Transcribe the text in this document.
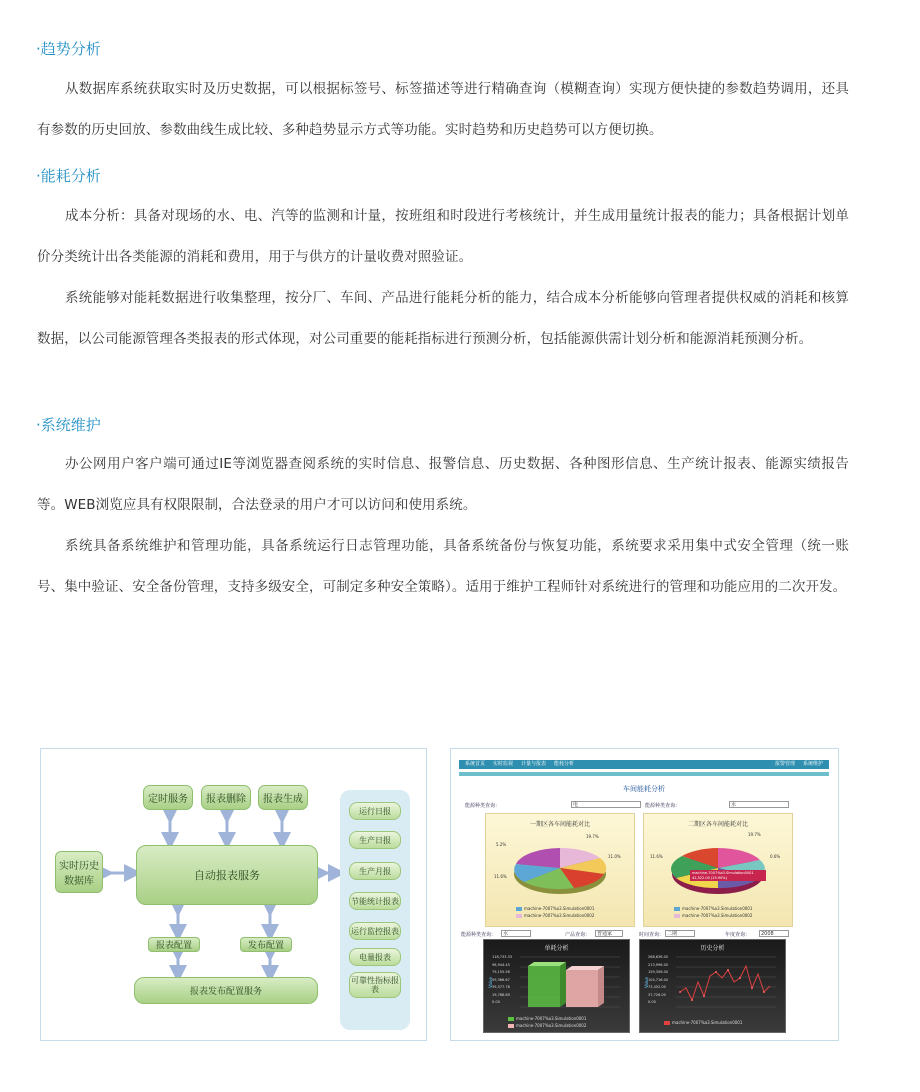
·趋势分析

从数据库系统获取实时及历史数据，可以根据标签号、标签描述等进行精确查询（模糊查询）实现方便快捷的参数趋势调用，还具有参数的历史回放、参数曲线生成比较、多种趋势显示方式等功能。实时趋势和历史趋势可以方便切换。

·能耗分析

成本分析：具备对现场的水、电、汽等的监测和计量，按班组和时段进行考核统计，并生成用量统计报表的能力；具备根据计划单价分类统计出各类能源的消耗和费用，用于与供方的计量收费对照验证。

系统能够对能耗数据进行收集整理，按分厂、车间、产品进行能耗分析的能力，结合成本分析能够向管理者提供权威的消耗和核算数据，以公司能源管理各类报表的形式体现，对公司重要的能耗指标进行预测分析，包括能源供需计划分析和能源消耗预测分析。

·系统维护

办公网用户客户端可通过IE等浏览器查阅系统的实时信息、报警信息、历史数据、各种图形信息、生产统计报表、能源实绩报告等。WEB浏览应具有权限限制，合法登录的用户才可以访问和使用系统。

系统具备系统维护和管理功能，具备系统运行日志管理功能，具备系统备份与恢复功能，系统要求采用集中式安全管理（统一账号、集中验证、安全备份管理，支持多级安全，可制定多种安全策略）。适用于维护工程师针对系统进行的管理和功能应用的二次开发。

定时服务	报表删除	报表生成
实时历史数据库	自动报表服务
报表配置	发布配置
报表发布配置服务
运行日报
生产日报
生产月报
节能统计报表
运行监控报表
电量报表
可靠性指标报表
系统首页 实时监视 计量与报表 能耗分析	报警管理 系统维护
车间能耗分析
能源种类查询：	电	能源种类查询：	水
一期区各车间能耗对比
19.7%
11.0%
11.6%
5.2%
machine-7007%a3.Simulation0001
machine-7007%a3.Simulation0002
二期区各车间能耗对比
machine-7007%a3.Simulation0001 42,522.00 (19.90%)
0.6%
19.7%
11.6%
machine-7007%a3.Simulation0001
machine-7007%a3.Simulation0002
能源种类查询：	水	产品查询：	普通家	时间查询： 二期	年度查询：	2008
单耗分析
Value
118,733.33
98,944.45
79,155.56
59,366.67
39,577.78
19,788.89
0.00
machine-7007%a3.Simulation0001
machine-7007%a3.Simulation0002
历史分析
Value
268,636.00
213,996.00
159,356.00
104,716.00
73,452.00
37,726.00
0.00
machine-7007%a3.Simulation0001
